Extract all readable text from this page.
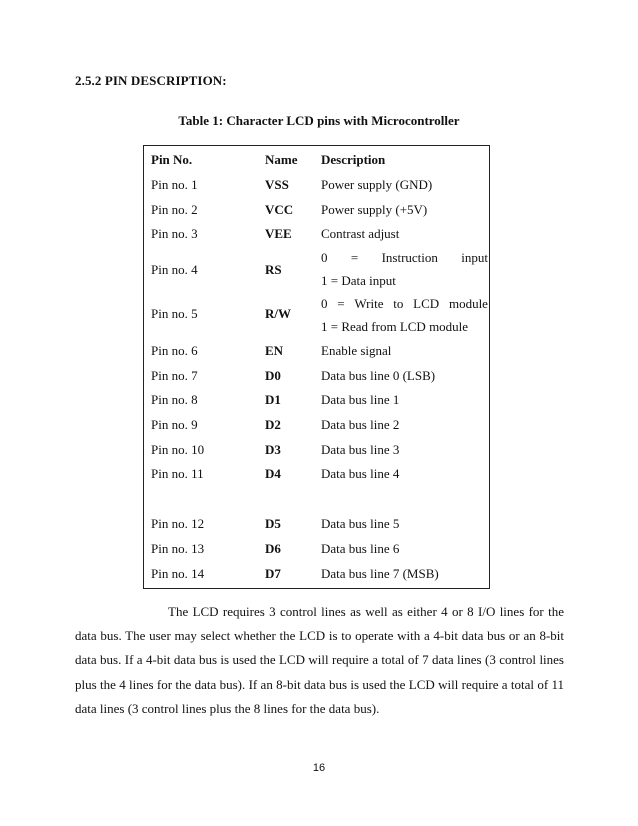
2.5.2 PIN DESCRIPTION:
Table 1: Character LCD pins with Microcontroller
Pin No.	Name Description
Pin no. 1	VSS Power supply (GND)
Pin no. 2	VCC Power supply (+5V)
Pin no. 3	VEE Contrast adjust
Pin no. 4	RS
0 = Instruction input
1 = Data input
Pin no. 5	R/W
0 = Write to LCD module
1 = Read from LCD module
Pin no. 6	EN	Enable signal
Pin no. 7	D0	Data bus line 0 (LSB)
Pin no. 8	D1	Data bus line 1
Pin no. 9	D2	Data bus line 2
Pin no. 10	D3	Data bus line 3
Pin no. 11	D4	Data bus line 4
Pin no. 12	D5	Data bus line 5
Pin no. 13	D6	Data bus line 6
Pin no. 14	D7	Data bus line 7 (MSB)
The LCD requires 3 control lines as well as either 4 or 8 I/O lines for the data bus. The user may select whether the LCD is to operate with a 4-bit data bus or an 8-bit data bus. If a 4-bit data bus is used the LCD will require a total of 7 data lines (3 control lines plus the 4 lines for the data bus). If an 8-bit data bus is used the LCD will require a total of 11 data lines (3 control lines plus the 8 lines for the data bus).
16
